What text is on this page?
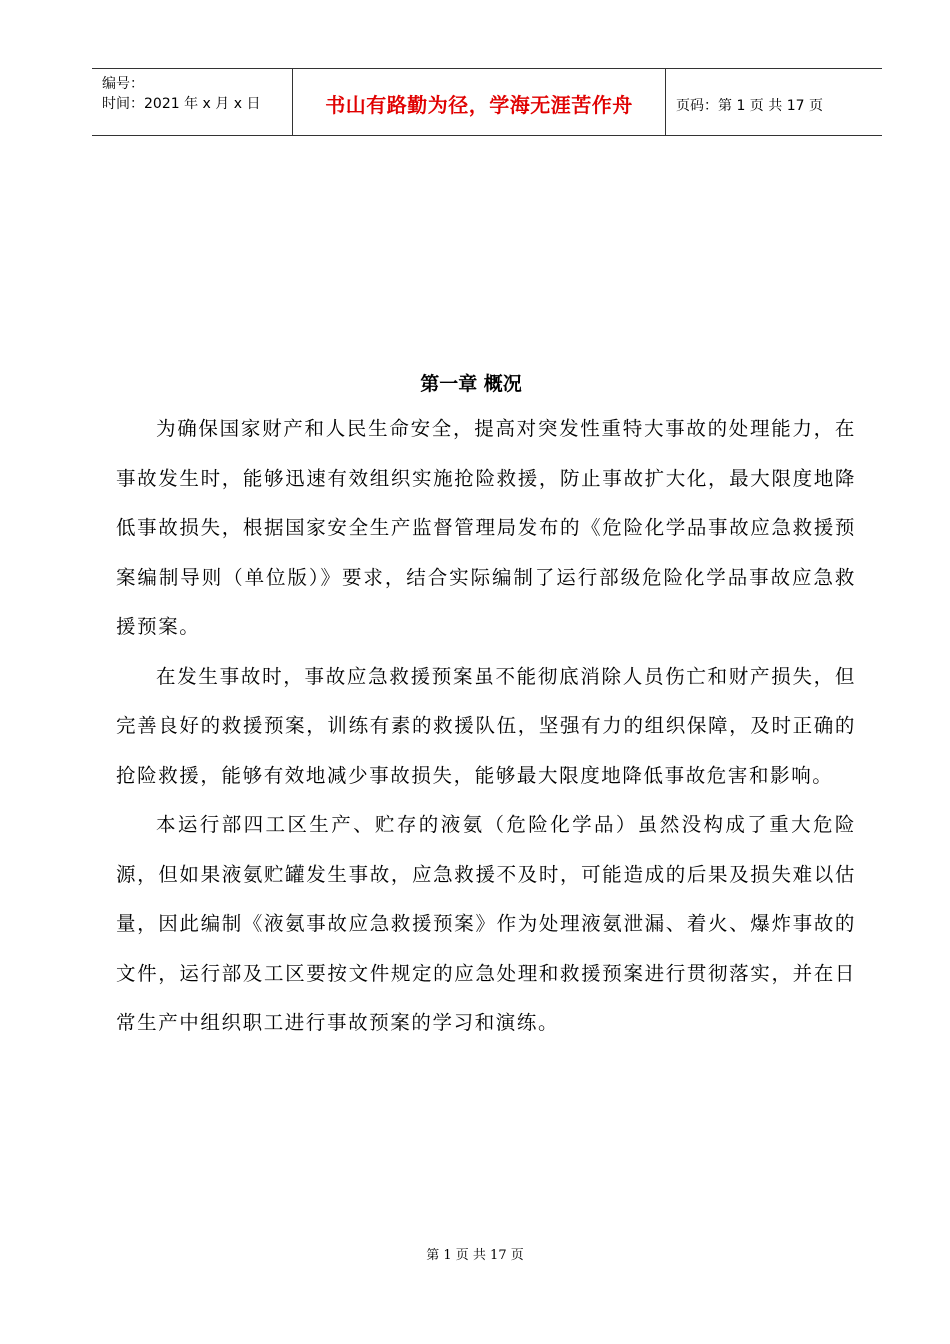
编号：
时间：2021 年 x 月 x 日	书山有路勤为径，学海无涯苦作舟	页码：第 1 页 共 17 页
第一章 概况

为确保国家财产和人民生命安全，提高对突发性重特大事故的处理能力，在事故发生时，能够迅速有效组织实施抢险救援，防止事故扩大化，最大限度地降低事故损失，根据国家安全生产监督管理局发布的《危险化学品事故应急救援预案编制导则（单位版）》要求，结合实际编制了运行部级危险化学品事故应急救援预案。

在发生事故时，事故应急救援预案虽不能彻底消除人员伤亡和财产损失，但完善良好的救援预案，训练有素的救援队伍，坚强有力的组织保障，及时正确的抢险救援，能够有效地减少事故损失，能够最大限度地降低事故危害和影响。

本运行部四工区生产、贮存的液氨（危险化学品）虽然没构成了重大危险源，但如果液氨贮罐发生事故，应急救援不及时，可能造成的后果及损失难以估量，因此编制《液氨事故应急救援预案》作为处理液氨泄漏、着火、爆炸事故的文件，运行部及工区要按文件规定的应急处理和救援预案进行贯彻落实，并在日常生产中组织职工进行事故预案的学习和演练。

第 1 页 共 17 页
